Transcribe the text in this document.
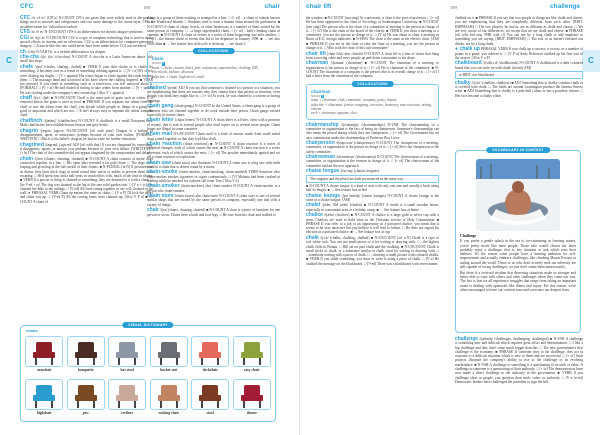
CFC	158	chair
C
CFC /siː ef siː/ (CFCs) N-COUNT CFCs are gases that were widely used in the past in things such as aerosols and refrigerators and can cause damage to the ozone layer. CFC is an abbreviation for 'chlorofluorocarbon'.
CFS /siː ef es/ N-UNCOUNT CFS is an abbreviation for chronic fatigue syndrome.
CGI /siː dʒiː aɪ/ N-UNCOUNT CGI is a type of computer technology that is used to make special effects in cinema and on television. CGI is an abbreviation for computer-generated imagery. □ A movie like this one could never have been made before CGI was invented.
ch. (chs) N-VAR Ch. is a written abbreviation for chapter.
cha-cha /tʃɑː tʃɑː/ (cha-chas) N-COUNT A cha-cha is a Latin American dance with small fast steps.
chafe /tʃeɪf/ (chafes, chafing, chafed) ■ VERB If your skin chafes or is chafed by something, it becomes sore as a result of something rubbing against it. □ [V + n] My shorts were chafing my thighs. □ [V + against] His wrists began to chafe against the cords binding them. □ The massage band and scratched at his knee where the chafing lingered. ■ VERB [no passive] If you chafe at something such as a restriction, you feel annoyed about it. [FORMAL] □ [V + at] He had chafed at having to take orders from another. □ [V + under] He was chafing under the company's new ownership. [Also V + against]
chaff /tʃɑːf, tʃæf/ ■ N-UNCOUNT Chaff is the outer part of grain such as wheat. It is removed before the grain is used as food. ■ PHRASE If you separate the wheat from the chaff or sort the wheat from the chaff, you decide which people or things in a group are good or important and which are not. □ It isn't always easy to separate the wheat from the chaff.
chaffinch /tʃæfɪntʃ/ (chaffinches) N-COUNT A chaffinch is a small European bird. Male chaffinches have reddish-brown breasts and grey heads.
chagrin /ʃægrɪn, ʃəgriːn/ N-UNCOUNT [oft with poss] Chagrin is a feeling of disappointment, upset, or annoyance, perhaps because of your own failure. [FORMAL, WRITTEN] □ Much to his father's chagrin, he had no taste for further education.
chagrined /ʃægrɪnd, ʃəgriːnd/ ADJ [oft with that] If you are chagrined by something, it disappoints, upsets, or annoys you, perhaps because of your own failure. [WRITTEN] □ [+ by] The chair of the committee did not appear chagrined by the compromises and delays.
chain /tʃeɪn/ (chains, chaining, chained) ■ N-COUNT A chain consists of metal rings connected together in a line. □ His open shirt revealed a fat gold chain. □ The dogs were leaping and growling at the full stretch of their chains. ■ N-PLURAL [in N] If prisoners are in chains, they have thick rings of metal round their wrists or ankles to prevent them from escaping. □ He'd spent four and a half years in windowless cells, much of the time in chains. ■ VERB If a person or thing is chained to something, they are fastened to it with a chain. □ [be V-ed + to] The dog was chained to the leg of the one solid garden seat. □ [V n + to] She chained her bike to the railings. □ [V-ed] All were sitting together in our cell, chained to the wall. ● PHRASAL VERB Chain up means the same as chain. □ [V n P] I'll lock the doors and chain you up. □ [V-ed P] All the rowing boats were chained up. [Also V P n] ■ N-COUNT A chain of
things is a group of them existing or arranged in a line. □ [+ of] ...a chain of islands known as the Windward Islands. □ Students tried to form a human chain around the parliament. ■ N-COUNT A chain of shops, hotels, or other businesses is a number of them owned by the same person or company. □ ...a large supermarket chain. □ [+ of] ...Italy's leading chain of cinemas. ■ N-COUNT A chain of events is a series of them happening one after another. □ [+ of] ...the bizarre chain of events that led to his departure in January 1998. ■ → see also food chain ■ → See feature box at bicycle ● chain up → see chain 3
COLLOCATIONS
chain
NOUN 1
noun + chain: cinema, hotel, pub, restaurant, supermarket; clothing, DIY, electricals, fashion; discount
adjective + chain: high-street, retail
chained /tʃeɪnd/ ADJ If you say that someone is chained to a person or a situation, you are emphasizing that there are reasons why they cannot leave that person or situation, even though you think they might like to. □ [+ to] At work, he was chained to a system of boring meetings.
chain gang (chain gangs) N-COUNT In the United States, a chain gang is a group of prisoners who are chained together to do work outside their prison. Chain gangs existed especially in former times.
chain letter (chain letters) N-COUNT A chain letter is a letter, often with a promise of money, that is sent to several people who send copies on to several more people. Chain letters are illegal in some countries.
chain mail N-UNCOUNT Chain mail is a kind of armour made from small metal rings joined together so that they look like cloth.
chain reaction (chain reactions) ■ N-COUNT A chain reaction is a series of chemical changes, each of which causes the next. ■ N-COUNT A chain reaction is a series of events, each of which causes the next. □ [+ of] The powder immediately ignited and set off a chain reaction of explosions.
chain saw (chain saws) also chainsaw N-COUNT A chain saw is a big saw with teeth fixed in a chain that is driven round by a motor.
chain-smoke (chain-smokes, chain-smoking, chain-smoked) VERB Someone who chain-smokes smokes cigarettes or cigars continuously. □ [V] Melanie had been crushed at waiting while he smoked for a phone call from Tom. [Also V n]
chain-smoker (chain-smokers) also chain smoker N-COUNT A chain-smoker is a person who chain-smokes.
chain store (chain stores) also chain-store N-COUNT A chain store is one of several similar shops that are owned by the same person or company, especially one that sells a variety of things.
chair /tʃeə/ (chairs, chairing, chaired) ■ N-COUNT A chair is a piece of furniture for one person to sit on. Chairs have a back and four legs. □ He rose from his chair and walked to
VISUAL DICTIONARY
chairs
armchair	banquette	bar stool	bucket seat	deckchair	easy chair
highchair	pew	recliner	rocking chair	stool	throne
chair lift	159	challenge
C
the window. ■ N-COUNT [usu sing] At a university, a chair is the post of professor. □ [+ of] He has been appointed to the chair of Sociology at Southampton University. ■ N-COUNT [usu sing] The person who is the chair of a committee or meeting is the person in charge of it. □ [+ of] She is the chair of the board of the charity. ■ VERB If you chair a meeting or a committee, you are the person in charge of it. □ [V n] He was about to chair a meeting in Bonn of E.U. foreign ministers. ■ N-SING The chair is the same as the electric chair. [AM] ■ PHRASE If you are in the chair or take the chair at a meeting, you are the person in charge of it. □ Who took the chair of this sub-committee?
chair lift (chair lifts) also chairlift N-COUNT A chair lift is a line of chairs that hang from a moving cable and carry people up and down a mountain or ski slope.
chairman /tʃeəmən/ (chairmen) ■ N-COUNT The chairman of a meeting or organization is the person in charge of it. □ [+ of] He is chairman of the committee. ■ N-COUNT The chairman of a company is the person who is in overall charge of it. □ [+ of] I had a letter from the chairman of the company.
COLLOCATIONS
chairman
NOUN 1
noun + chairman: club, committee, company, party; deputy
adjective + chairman: former, outgoing, executive, honorary, non-executive, acting, interim
verb + chairman: appoint, elect
chairmanship /tʃeəmənʃɪp/ (chairmanships) N-VAR The chairmanship of a committee or organization is the fact of being its chairperson. Someone's chairmanship can also mean the period during which they are chairperson. □ [+ of] The Government has set up a commission under the chairmanship of Professor Roy Lowe.
chairperson /tʃeəpɜːsən/ (chairpersons) N-COUNT The chairperson of a meeting, committee, or organization is the person in charge of it. □ [+ of] She's the chairperson of the safety committee.
chairwoman /tʃeəwʊmən/ (chairwomen) N-COUNT The chairwoman of a meeting, committee, or organization is the woman in charge of it. □ [+ of] The chairwoman of the committee backed the new approach.
chaise longue /ʃeɪz lɒŋ/ (chaises longues)
The singular and the plural are both pronounced in the same way.
■ N-COUNT A chaise longue is a kind of sofa with only one arm and usually a back along half its length. ■ → See feature box at bed
chaise lounge /ʃeɪz laʊndʒ/ (chaise lounges) N-COUNT A chaise lounge is the same as a chaise longue. [AM]
chalet /ʃæleɪ, AM ʃæleɪ/ (chalets) ■ N-COUNT A chalet is a small wooden house, especially in a mountain area or a holiday camp. ■ → See feature box at home
chalice /tʃælɪs/ (chalices) ■ N-COUNT A chalice is a large gold or silver cup with a stem. Chalices are used to hold wine in the Christian service of Holy Communion. ■ PHRASE If you refer to a job or an opportunity as a poisoned chalice, you mean that it seems to be very attractive but you believe it will lead to failure. □ He does not regard his election as a poisoned chalice. ■ → See feature box at cup
chalk /tʃɔːk/ (chalks, chalking, chalked) ■ N-UNCOUNT [oft n N] Chalk is a type of soft white rock. You can use small pieces of it for writing or drawing with. □ ...the highest chalk cliffs in Britain. □ Hill sat on past chalk and the chalking. ■ N-UNCOUNT Chalk is small sticks of chalk, or a substance similar to chalk, used for writing or drawing with. □ ...somebody writing with a piece of chalk. □ ...drawing a small picture with coloured chalks. ■ VERB If you chalk something, you draw or write it using a piece of chalk. □ [V n] He chalked the message on the blackboard. □ [V-ed] There was a blackboard with seven names
chalked on it. ■ PHRASE If you say that two people or things are like chalk and cheese, you are emphasizing that they are completely different from each other. [BRIT, EMPHASIS] □ The two players, he insists, are as different as chalk and cheese. □ We are very aware of our differences, we accept that we are chalk and cheese. ■ PHRASE [oft with brd neg, PHR with cl] You can use by a long chalk to add emphasis to something you are saying. [BRIT, EMPHASIS] □ The rest of us haven't finished our drinks, not by a long chalk.
● chalk up PHRASAL VERB If you chalk up a success, a victory, or a number of points in a game, you achieve it. □ [V P n] Andy Robinson chalked up his first win of the season. [Also V n P]
chalkboard /tʃɔːkbɔːd/ (chalkboards) N-COUNT A chalkboard is a dark coloured board that you can write on with chalk. [mainly AM]
in BRIT, use blackboard
chalky /tʃɔːki/ (chalkier, chalkiest) ■ ADJ Something that is chalky contains chalk or is covered with chalk. □ The fields are around Leamington produce the famous Sussex wine. ■ ADJ Something that is chalky is a pale dull colour or has a powdery texture. □ Her face became a chalky white.
VOCABULARY IN CONTEXT
Challenge

If you prefer a gentle splash in the sea to ice-swimming in freezing waters, you're pretty much like most people. Those who would choose the latter probably enjoy a challenge, that is, any situation or task which tests their abilities. It's the reason some people have a burning ambition for self-improvement and actually embrace challenges, like climbing Mount Everest or sailing around the world. Those of us who don't actively seek out adversity are still capable of facing challenges; we just don't create them unnecessarily.

But there is a received wisdom that deserving situations make us stronger and better able to cope with others and other challenges when they come our way. The fact is that we all experience struggles that range from taking an important exam to dealing with upheavals like illness and injury. For this reason, we're often encouraged to leave our comfort zone and overcome our deepest fears.

challenge /tʃælɪndʒ/ (challenges, challenging, challenged) ■ N-VAR A challenge is something new and difficult which requires great effort and determination. □ I like a big challenge and they don't come much bigger than this. □ The new government's first challenge is the economy. ■ PHRASE If someone rises to the challenge, they act in response to a difficult situation which is new to them and are successful. □ [+ of] Such projects illustrate the company's ability to rise to the challenge of an evolving marketplace. ■ N-VAR A challenge to something is a questioning of its truth or value. A challenge to someone is a questioning of their authority. □ [+ to] The demonstrators have now made a direct challenge to the authority of the government. ■ VERB If you challenge ideas or people, you question their truth, value, or authority. □ [V n to-inf] Democratic leaders have challenged the president to sign the bill.
